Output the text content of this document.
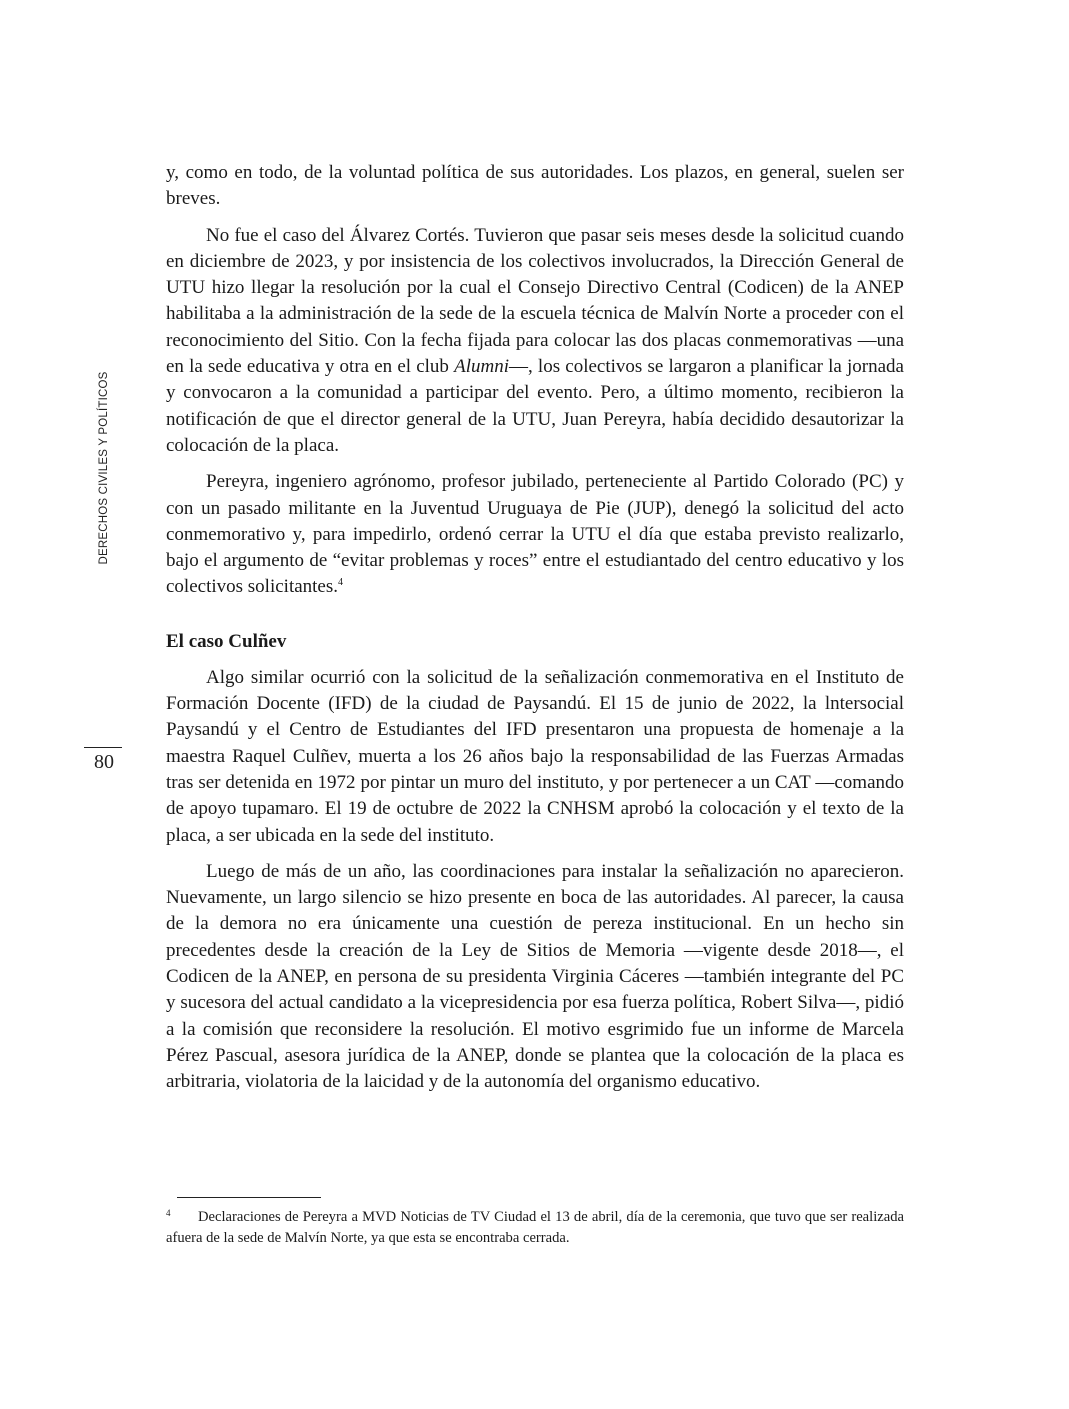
DERECHOS CIVILES Y POLÍTICOS
80

y, como en todo, de la voluntad política de sus autoridades. Los plazos, en general, suelen ser breves.

No fue el caso del Álvarez Cortés. Tuvieron que pasar seis meses desde la solicitud cuando en diciembre de 2023, y por insistencia de los colectivos involucrados, la Dirección General de UTU hizo llegar la resolución por la cual el Consejo Directivo Central (Codicen) de la ANEP habilitaba a la administración de la sede de la escuela técnica de Malvín Norte a proceder con el reconocimiento del Sitio. Con la fecha fijada para colocar las dos placas conmemorativas —una en la sede educativa y otra en el club Alumni—, los colectivos se largaron a planificar la jornada y convocaron a la comunidad a participar del evento. Pero, a último momento, recibieron la notificación de que el director general de la UTU, Juan Pereyra, había decidido desautorizar la colocación de la placa.

Pereyra, ingeniero agrónomo, profesor jubilado, perteneciente al Partido Colorado (PC) y con un pasado militante en la Juventud Uruguaya de Pie (JUP), denegó la solicitud del acto conmemorativo y, para impedirlo, ordenó cerrar la UTU el día que estaba previsto realizarlo, bajo el argumento de “evitar problemas y roces” entre el estudiantado del centro educativo y los colectivos solicitantes.$^4$

El caso Culñev

Algo similar ocurrió con la solicitud de la señalización conmemorativa en el Instituto de Formación Docente (IFD) de la ciudad de Paysandú. El 15 de junio de 2022, la lntersocial Paysandú y el Centro de Estudiantes del IFD presentaron una propuesta de homenaje a la maestra Raquel Culñev, muerta a los 26 años bajo la responsabilidad de las Fuerzas Armadas tras ser detenida en 1972 por pintar un muro del instituto, y por pertenecer a un CAT —comando de apoyo tupamaro. El 19 de octubre de 2022 la CNHSM aprobó la colocación y el texto de la placa, a ser ubicada en la sede del instituto.

Luego de más de un año, las coordinaciones para instalar la señalización no aparecieron. Nuevamente, un largo silencio se hizo presente en boca de las autoridades. Al parecer, la causa de la demora no era únicamente una cuestión de pereza institucional. En un hecho sin precedentes desde la creación de la Ley de Sitios de Memoria —vigente desde 2018—, el Codicen de la ANEP, en persona de su presidenta Virginia Cáceres —también integrante del PC y sucesora del actual candidato a la vicepresidencia por esa fuerza política, Robert Silva—, pidió a la comisión que reconsidere la resolución. El motivo esgrimido fue un informe de Marcela Pérez Pascual, asesora jurídica de la ANEP, donde se plantea que la colocación de la placa es arbitraria, violatoria de la laicidad y de la autonomía del organismo educativo.

4 Declaraciones de Pereyra a MVD Noticias de TV Ciudad el 13 de abril, día de la ceremonia, que tuvo que ser realizada afuera de la sede de Malvín Norte, ya que esta se encontraba cerrada.
